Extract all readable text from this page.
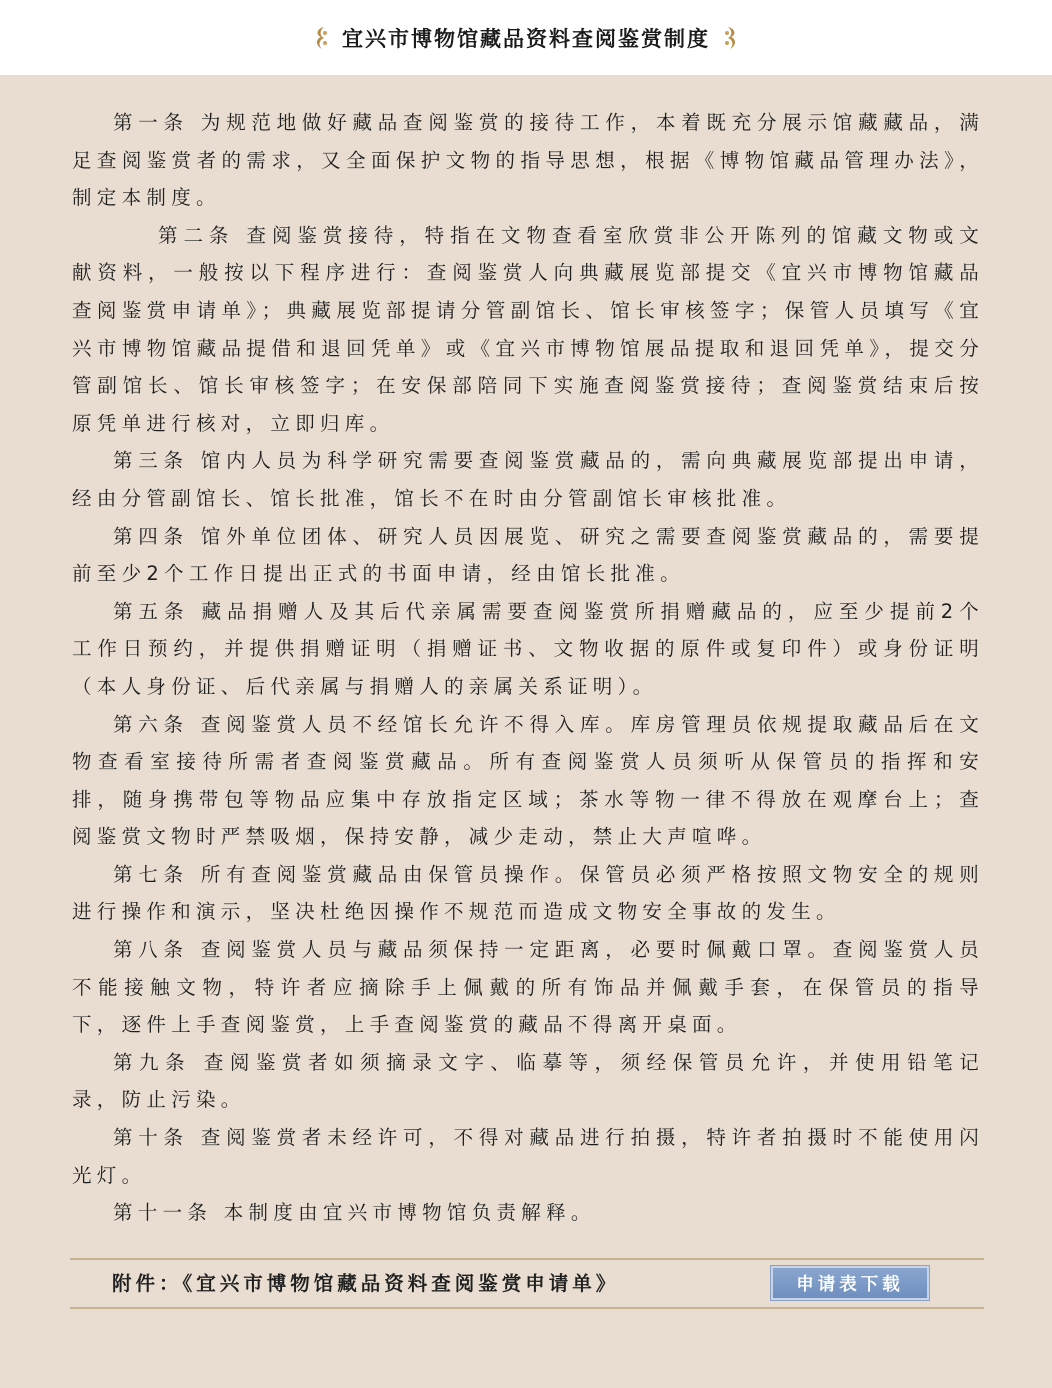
宜兴市博物馆藏品资料查阅鉴赏制度

第一条 为规范地做好藏品查阅鉴赏的接待工作，本着既充分展示馆藏藏品，满足查阅鉴赏者的需求，又全面保护文物的指导思想，根据《博物馆藏品管理办法》，制定本制度。

第二条 查阅鉴赏接待，特指在文物查看室欣赏非公开陈列的馆藏文物或文献资料，一般按以下程序进行：查阅鉴赏人向典藏展览部提交《宜兴市博物馆藏品查阅鉴赏申请单》；典藏展览部提请分管副馆长、馆长审核签字；保管人员填写《宜兴市博物馆藏品提借和退回凭单》或《宜兴市博物馆展品提取和退回凭单》，提交分管副馆长、馆长审核签字；在安保部陪同下实施查阅鉴赏接待；查阅鉴赏结束后按原凭单进行核对，立即归库。

第三条 馆内人员为科学研究需要查阅鉴赏藏品的，需向典藏展览部提出申请，经由分管副馆长、馆长批准，馆长不在时由分管副馆长审核批准。

第四条 馆外单位团体、研究人员因展览、研究之需要查阅鉴赏藏品的，需要提前至少2个工作日提出正式的书面申请，经由馆长批准。

第五条 藏品捐赠人及其后代亲属需要查阅鉴赏所捐赠藏品的，应至少提前2个工作日预约，并提供捐赠证明（捐赠证书、文物收据的原件或复印件）或身份证明（本人身份证、后代亲属与捐赠人的亲属关系证明）。

第六条 查阅鉴赏人员不经馆长允许不得入库。库房管理员依规提取藏品后在文物查看室接待所需者查阅鉴赏藏品。所有查阅鉴赏人员须听从保管员的指挥和安排，随身携带包等物品应集中存放指定区域；茶水等物一律不得放在观摩台上；查阅鉴赏文物时严禁吸烟，保持安静，减少走动，禁止大声喧哗。

第七条 所有查阅鉴赏藏品由保管员操作。保管员必须严格按照文物安全的规则进行操作和演示，坚决杜绝因操作不规范而造成文物安全事故的发生。

第八条 查阅鉴赏人员与藏品须保持一定距离，必要时佩戴口罩。查阅鉴赏人员不能接触文物，特许者应摘除手上佩戴的所有饰品并佩戴手套，在保管员的指导下，逐件上手查阅鉴赏，上手查阅鉴赏的藏品不得离开桌面。

第九条 查阅鉴赏者如须摘录文字、临摹等，须经保管员允许，并使用铅笔记录，防止污染。

第十条 查阅鉴赏者未经许可，不得对藏品进行拍摄，特许者拍摄时不能使用闪光灯。

第十一条 本制度由宜兴市博物馆负责解释。

附件：《宜兴市博物馆藏品资料查阅鉴赏申请单》	申请表下载
